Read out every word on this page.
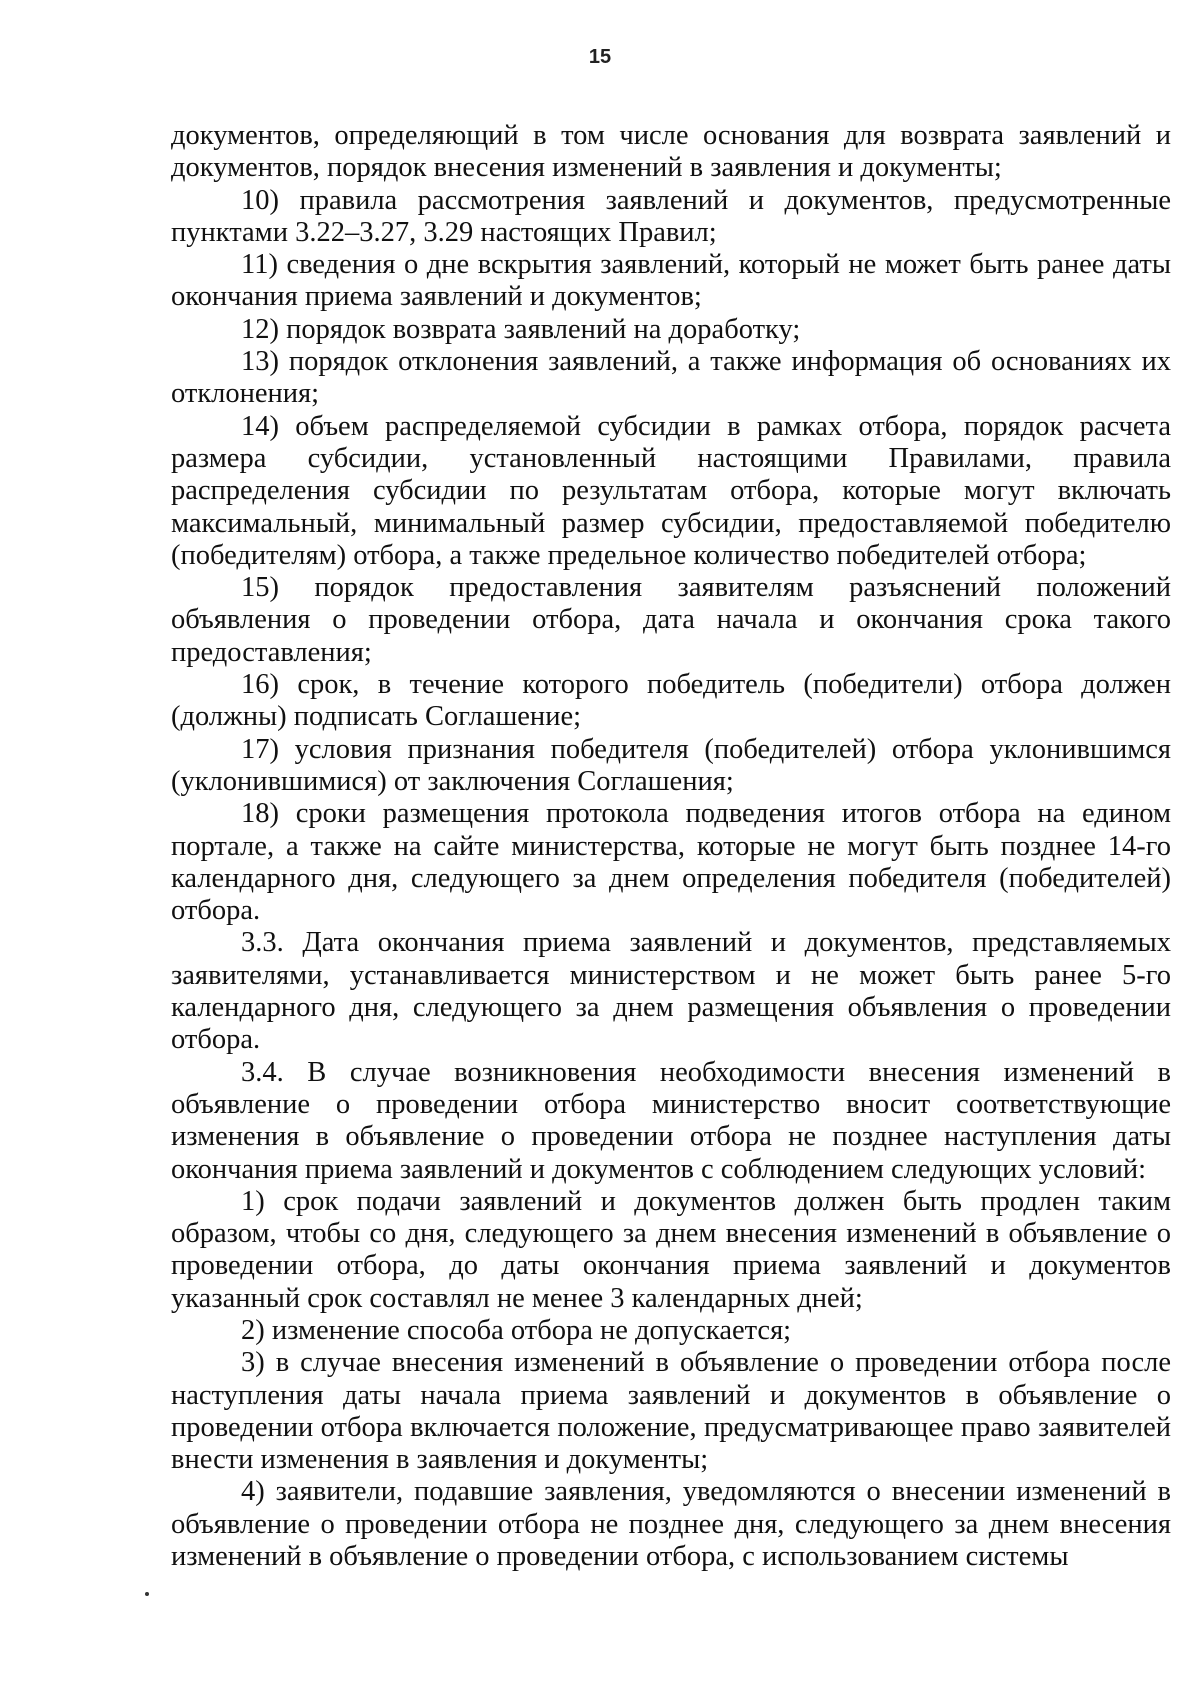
15

документов, определяющий в том числе основания для возврата заявлений и документов, порядок внесения изменений в заявления и документы;

10) правила рассмотрения заявлений и документов, предусмотренные пунктами 3.22–3.27, 3.29 настоящих Правил;

11) сведения о дне вскрытия заявлений, который не может быть ранее даты окончания приема заявлений и документов;

12) порядок возврата заявлений на доработку;

13) порядок отклонения заявлений, а также информация об основаниях их отклонения;

14) объем распределяемой субсидии в рамках отбора, порядок расчета размера субсидии, установленный настоящими Правилами, правила распределения субсидии по результатам отбора, которые могут включать максимальный, минимальный размер субсидии, предоставляемой победителю (победителям) отбора, а также предельное количество победителей отбора;

15) порядок предоставления заявителям разъяснений положений объявления о проведении отбора, дата начала и окончания срока такого предоставления;

16) срок, в течение которого победитель (победители) отбора должен (должны) подписать Соглашение;

17) условия признания победителя (победителей) отбора уклонившимся (уклонившимися) от заключения Соглашения;

18) сроки размещения протокола подведения итогов отбора на едином портале, а также на сайте министерства, которые не могут быть позднее 14-го календарного дня, следующего за днем определения победителя (победителей) отбора.

3.3. Дата окончания приема заявлений и документов, представляемых заявителями, устанавливается министерством и не может быть ранее 5-го календарного дня, следующего за днем размещения объявления о проведении отбора.

3.4. В случае возникновения необходимости внесения изменений в объявление о проведении отбора министерство вносит соответствующие изменения в объявление о проведении отбора не позднее наступления даты окончания приема заявлений и документов с соблюдением следующих условий:

1) срок подачи заявлений и документов должен быть продлен таким образом, чтобы со дня, следующего за днем внесения изменений в объявление о проведении отбора, до даты окончания приема заявлений и документов указанный срок составлял не менее 3 календарных дней;

2) изменение способа отбора не допускается;

3) в случае внесения изменений в объявление о проведении отбора после наступления даты начала приема заявлений и документов в объявление о проведении отбора включается положение, предусматривающее право заявителей внести изменения в заявления и документы;

4) заявители, подавшие заявления, уведомляются о внесении изменений в объявление о проведении отбора не позднее дня, следующего за днем внесения изменений в объявление о проведении отбора, с использованием системы
